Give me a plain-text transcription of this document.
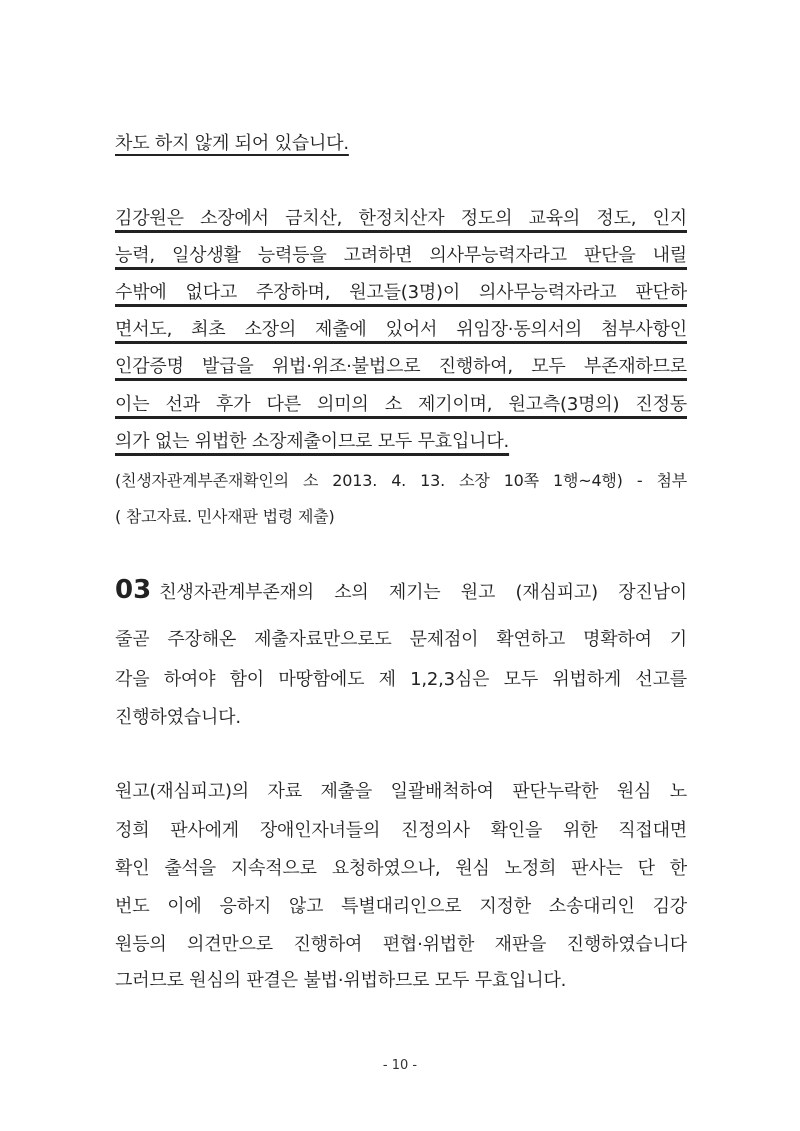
차도 하지 않게 되어 있습니다.
김강원은 소장에서 금치산, 한정치산자 정도의 교육의 정도, 인지
능력, 일상생활 능력등을 고려하면 의사무능력자라고 판단을 내릴
수밖에 없다고 주장하며, 원고들(3명)이 의사무능력자라고 판단하
면서도, 최초 소장의 제출에 있어서 위임장·동의서의 첨부사항인
인감증명 발급을 위법·위조·불법으로 진행하여, 모두 부존재하므로
이는 선과 후가 다른 의미의 소 제기이며, 원고측(3명의) 진정동
의가 없는 위법한 소장제출이므로 모두 무효입니다.
(친생자관계부존재확인의 소 2013. 4. 13. 소장 10쪽 1행~4행) - 첨부
( 참고자료. 민사재판 법령 제출)
03 친생자관계부존재의 소의 제기는 원고 (재심피고) 장진남이
줄곧 주장해온 제출자료만으로도 문제점이 확연하고 명확하여 기
각을 하여야 함이 마땅함에도 제 1,2,3심은 모두 위법하게 선고를
진행하였습니다.
원고(재심피고)의 자료 제출을 일괄배척하여 판단누락한 원심 노
정희 판사에게 장애인자녀들의 진정의사 확인을 위한 직접대면
확인 출석을 지속적으로 요청하였으나, 원심 노정희 판사는 단 한
번도 이에 응하지 않고 특별대리인으로 지정한 소송대리인 김강
원등의 의견만으로 진행하여 편협·위법한 재판을 진행하였습니다
그러므로 원심의 판결은 불법·위법하므로 모두 무효입니다.
- 10 -
